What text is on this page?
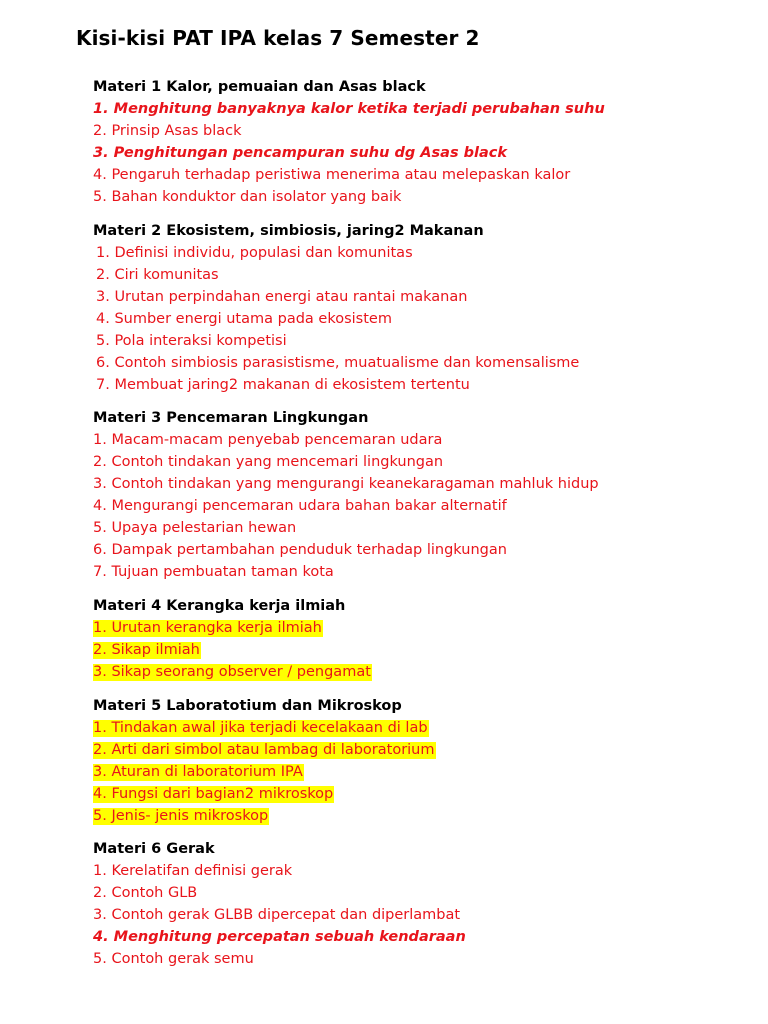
Kisi-kisi PAT IPA kelas 7 Semester 2
Materi 1 Kalor, pemuaian dan Asas black
1. Menghitung banyaknya kalor ketika terjadi perubahan suhu
2. Prinsip Asas black
3. Penghitungan pencampuran suhu dg Asas black
4. Pengaruh terhadap peristiwa menerima atau melepaskan kalor
5. Bahan konduktor dan isolator yang baik
Materi 2 Ekosistem, simbiosis, jaring2 Makanan
1. Definisi individu, populasi dan komunitas
2. Ciri komunitas
3. Urutan perpindahan energi atau rantai makanan
4. Sumber energi utama pada ekosistem
5. Pola interaksi kompetisi
6. Contoh simbiosis parasistisme, muatualisme dan komensalisme
7. Membuat jaring2 makanan di ekosistem tertentu
Materi 3 Pencemaran Lingkungan
1. Macam-macam penyebab pencemaran udara
2. Contoh tindakan yang mencemari lingkungan
3. Contoh tindakan yang mengurangi keanekaragaman mahluk hidup
4. Mengurangi pencemaran udara bahan bakar alternatif
5. Upaya pelestarian hewan
6. Dampak pertambahan penduduk terhadap lingkungan
7. Tujuan pembuatan taman kota
Materi 4 Kerangka kerja ilmiah
1. Urutan kerangka kerja ilmiah
2. Sikap ilmiah
3. Sikap seorang observer / pengamat
Materi 5 Laboratotium dan Mikroskop
1. Tindakan awal jika terjadi kecelakaan di lab
2. Arti dari simbol atau lambag di laboratorium
3. Aturan di laboratorium IPA
4. Fungsi dari bagian2 mikroskop
5. Jenis- jenis mikroskop
Materi 6 Gerak
1. Kerelatifan definisi gerak
2. Contoh GLB
3. Contoh gerak GLBB dipercepat dan diperlambat
4. Menghitung percepatan sebuah kendaraan
5. Contoh gerak semu
